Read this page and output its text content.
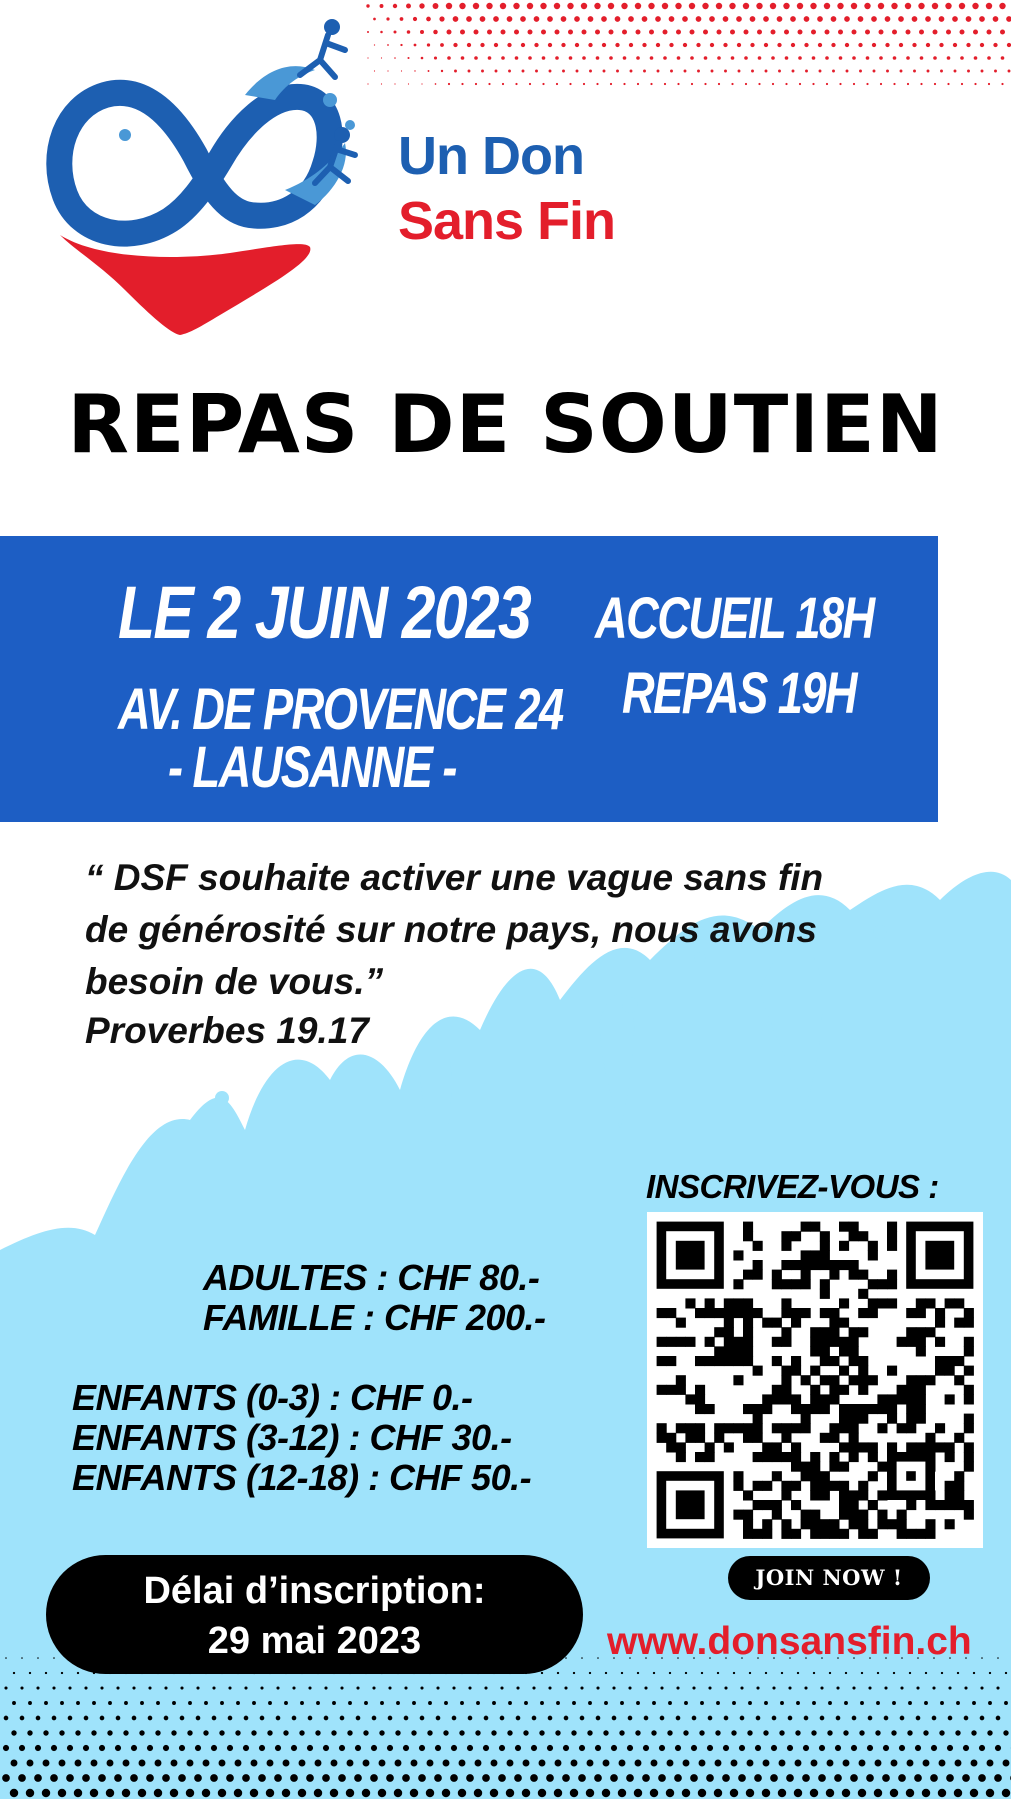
Un Don
Sans Fin
REPAS DE SOUTIEN
LE 2 JUIN 2023
AV. DE PROVENCE 24
- LAUSANNE -
ACCUEIL 18H
REPAS 19H
“ DSF souhaite activer une vague sans fin de générosité sur notre pays, nous avons besoin de vous.”
Proverbes 19.17
ADULTES : CHF 80.-
FAMILLE : CHF 200.-
ENFANTS (0-3) : CHF 0.-
ENFANTS (3-12) : CHF 30.-
ENFANTS (12-18) : CHF 50.-
INSCRIVEZ-VOUS :
JOIN NOW !
www.donsansfin.ch
Délai d’inscription:
29 mai 2023
